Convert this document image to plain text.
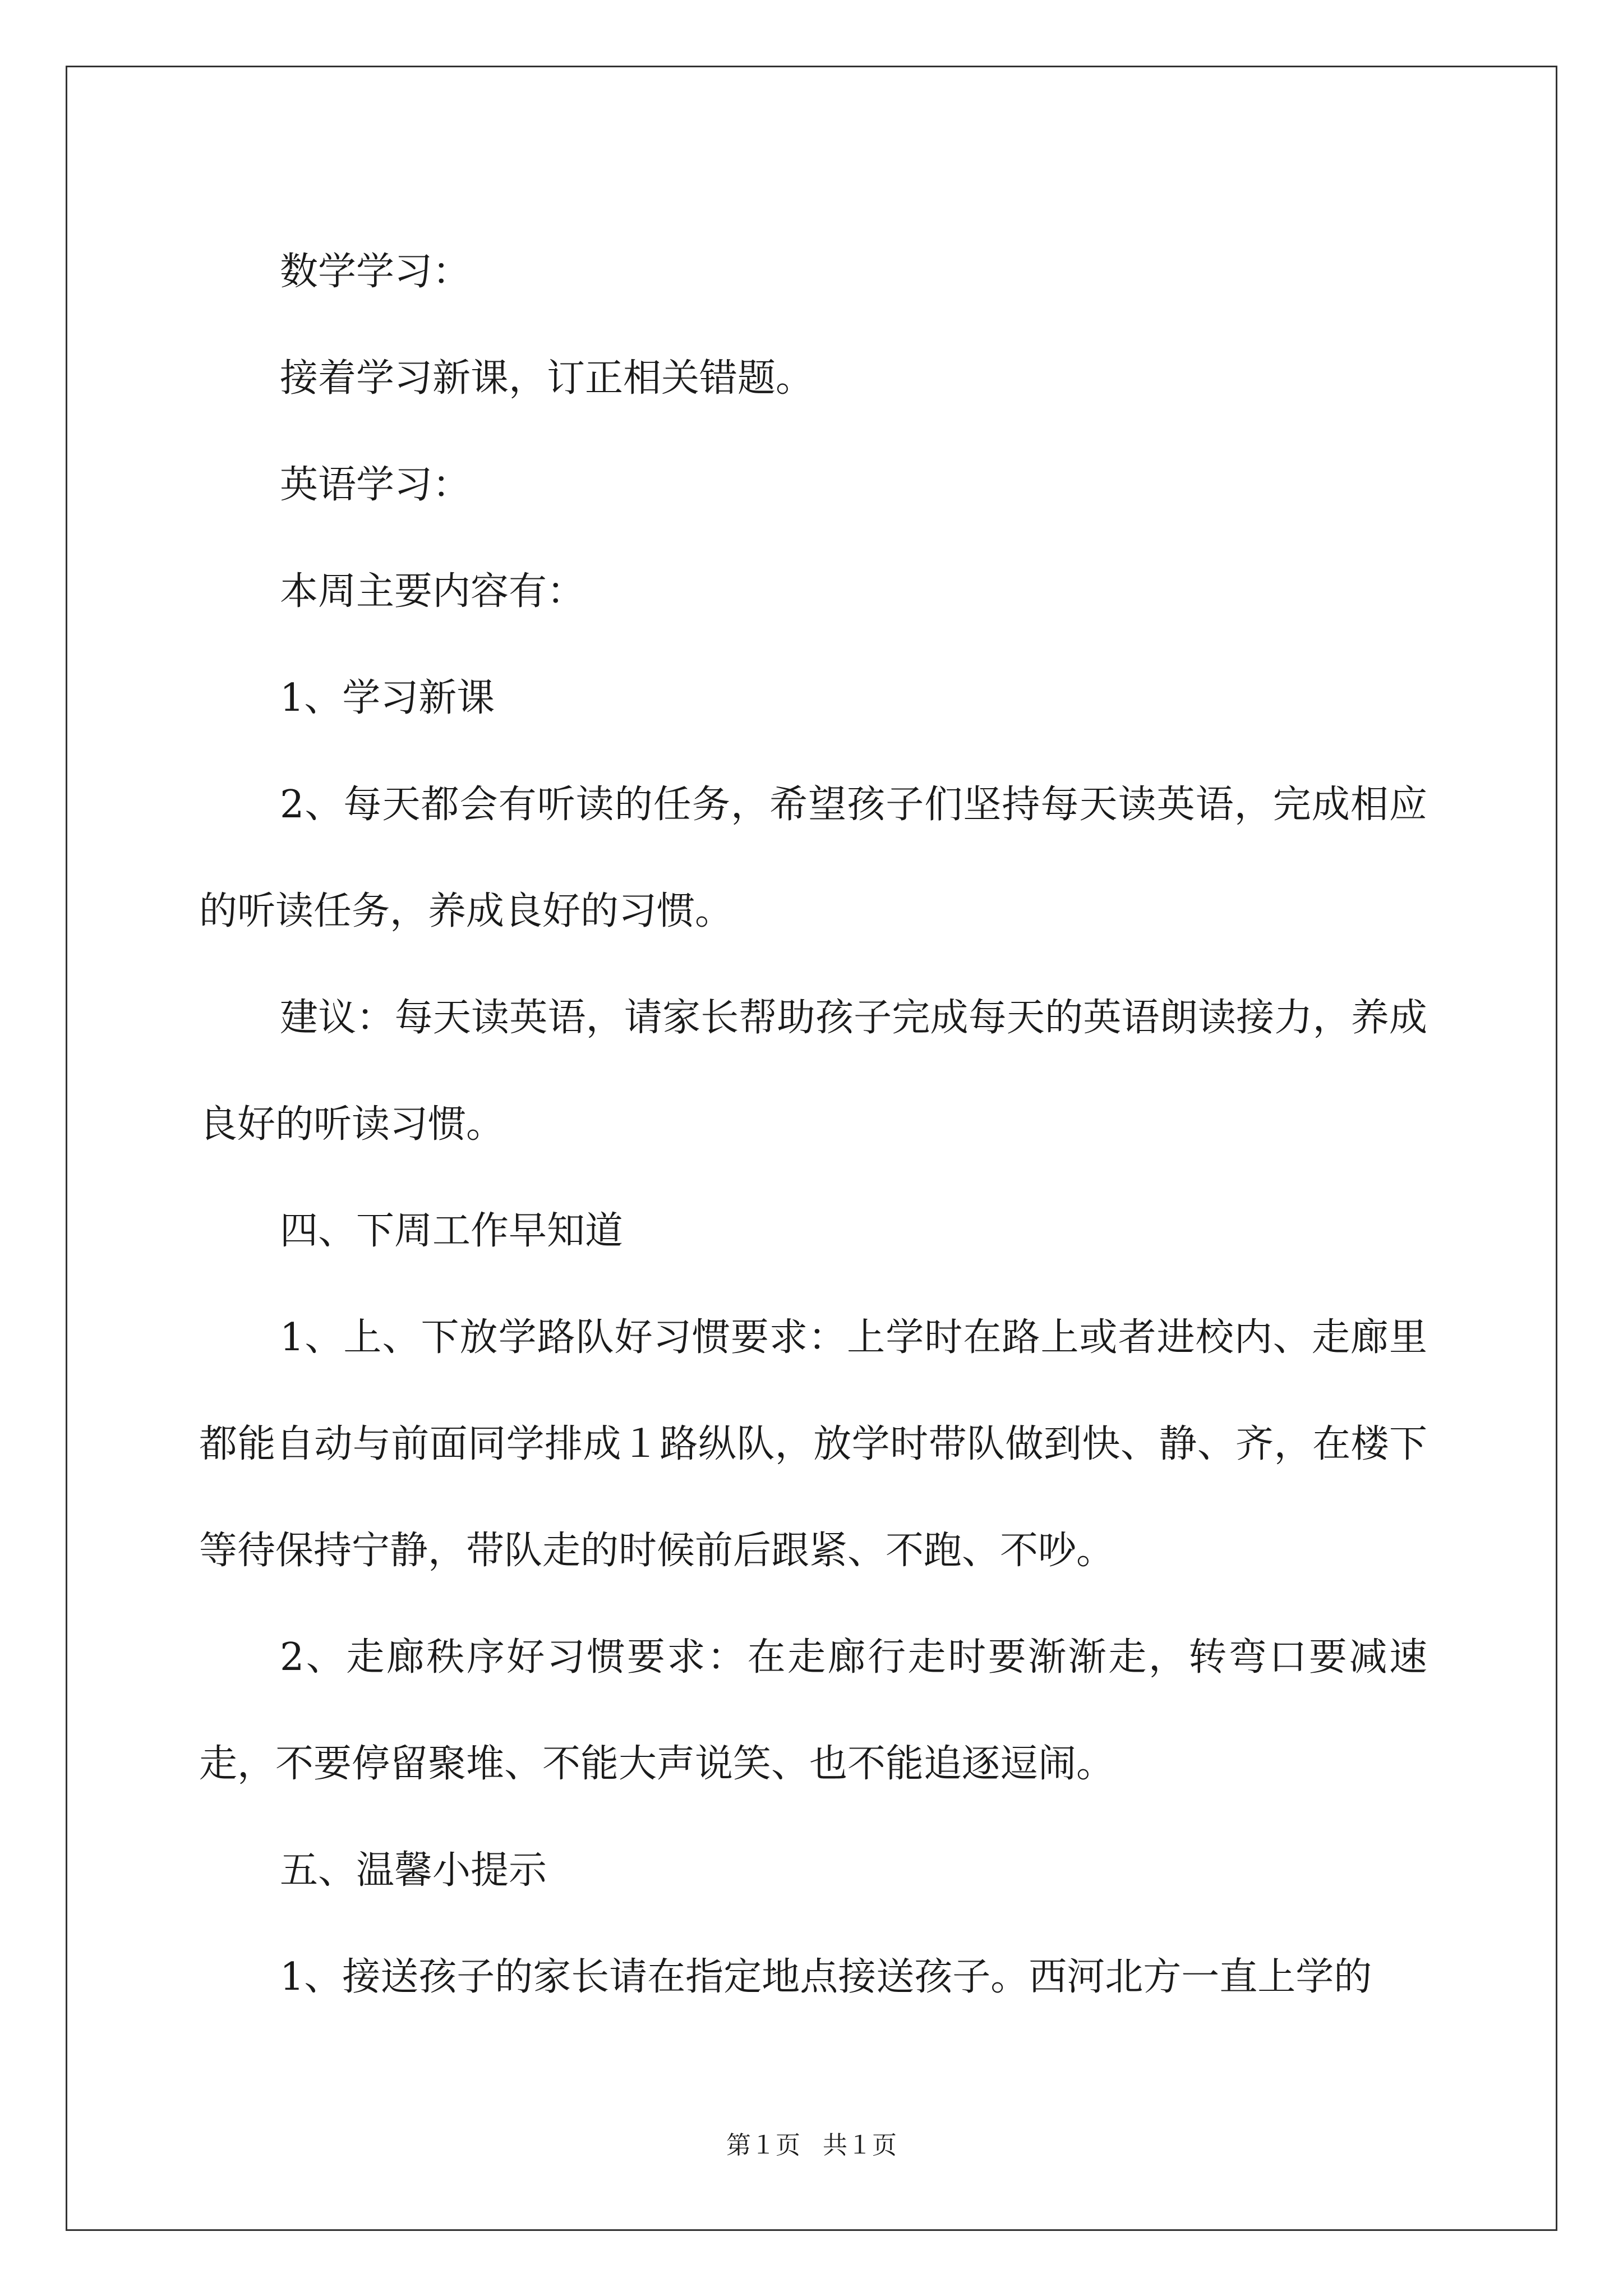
数学学习：

接着学习新课，订正相关错题。

英语学习：

本周主要内容有：

1、学习新课

2、每天都会有听读的任务，希望孩子们坚持每天读英语，完成相应的听读任务，养成良好的习惯。

建议：每天读英语，请家长帮助孩子完成每天的英语朗读接力，养成良好的听读习惯。

四、下周工作早知道

1、上、下放学路队好习惯要求：上学时在路上或者进校内、走廊里都能自动与前面同学排成１路纵队，放学时带队做到快、静、齐，在楼下等待保持宁静，带队走的时候前后跟紧、不跑、不吵。

2、走廊秩序好习惯要求：在走廊行走时要渐渐走，转弯口要减速走，不要停留聚堆、不能大声说笑、也不能追逐逗闹。

五、温馨小提示

1、接送孩子的家长请在指定地点接送孩子。西河北方一直上学的

第１页 共１页
